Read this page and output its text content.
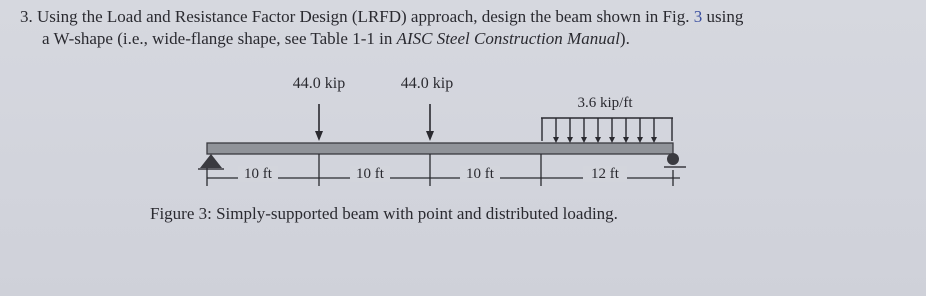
3. Using the Load and Resistance Factor Design (LRFD) approach, design the beam shown in Fig. 3 using
a W-shape (i.e., wide-flange shape, see Table 1-1 in AISC Steel Construction Manual).
44.0 kip	44.0 kip
3.6 kip/ft
10 ft	10 ft	10 ft	12 ft
Figure 3: Simply-supported beam with point and distributed loading.
